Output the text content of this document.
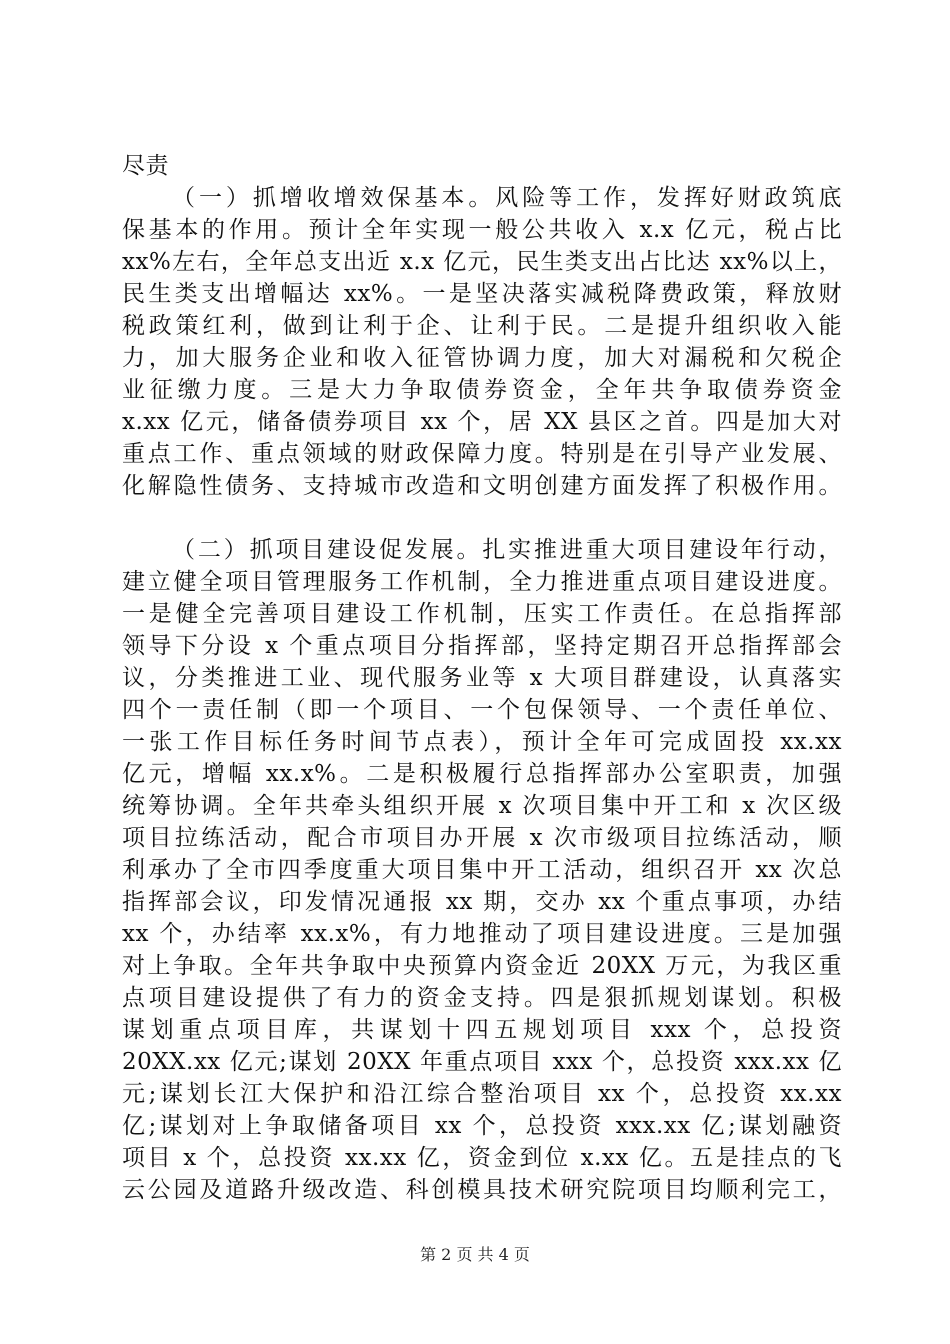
尽责
（一）抓增收增效保基本。风险等工作，发挥好财政筑底
保基本的作用。预计全年实现一般公共收入 x.x 亿元，税占比
xx%左右，全年总支出近 x.x 亿元，民生类支出占比达 xx%以上，
民生类支出增幅达 xx%。一是坚决落实减税降费政策，释放财
税政策红利，做到让利于企、让利于民。二是提升组织收入能
力，加大服务企业和收入征管协调力度，加大对漏税和欠税企
业征缴力度。三是大力争取债券资金，全年共争取债券资金
x.xx 亿元，储备债券项目 xx 个，居 XX 县区之首。四是加大对
重点工作、重点领域的财政保障力度。特别是在引导产业发展、
化解隐性债务、支持城市改造和文明创建方面发挥了积极作用。
（二）抓项目建设促发展。扎实推进重大项目建设年行动，
建立健全项目管理服务工作机制，全力推进重点项目建设进度。
一是健全完善项目建设工作机制，压实工作责任。在总指挥部
领导下分设 x 个重点项目分指挥部，坚持定期召开总指挥部会
议，分类推进工业、现代服务业等 x 大项目群建设，认真落实
四个一责任制（即一个项目、一个包保领导、一个责任单位、
一张工作目标任务时间节点表），预计全年可完成固投 xx.xx
亿元，增幅 xx.x%。二是积极履行总指挥部办公室职责，加强
统筹协调。全年共牵头组织开展 x 次项目集中开工和 x 次区级
项目拉练活动，配合市项目办开展 x 次市级项目拉练活动，顺
利承办了全市四季度重大项目集中开工活动，组织召开 xx 次总
指挥部会议，印发情况通报 xx 期，交办 xx 个重点事项，办结
xx 个，办结率 xx.x%，有力地推动了项目建设进度。三是加强
对上争取。全年共争取中央预算内资金近 20XX 万元，为我区重
点项目建设提供了有力的资金支持。四是狠抓规划谋划。积极
谋划重点项目库，共谋划十四五规划项目 xxx 个，总投资
20XX.xx 亿元;谋划 20XX 年重点项目 xxx 个，总投资 xxx.xx 亿
元;谋划长江大保护和沿江综合整治项目 xx 个，总投资 xx.xx
亿;谋划对上争取储备项目 xx 个，总投资 xxx.xx 亿;谋划融资
项目 x 个，总投资 xx.xx 亿，资金到位 x.xx 亿。五是挂点的飞
云公园及道路升级改造、科创模具技术研究院项目均顺利完工，
第 2 页 共 4 页
